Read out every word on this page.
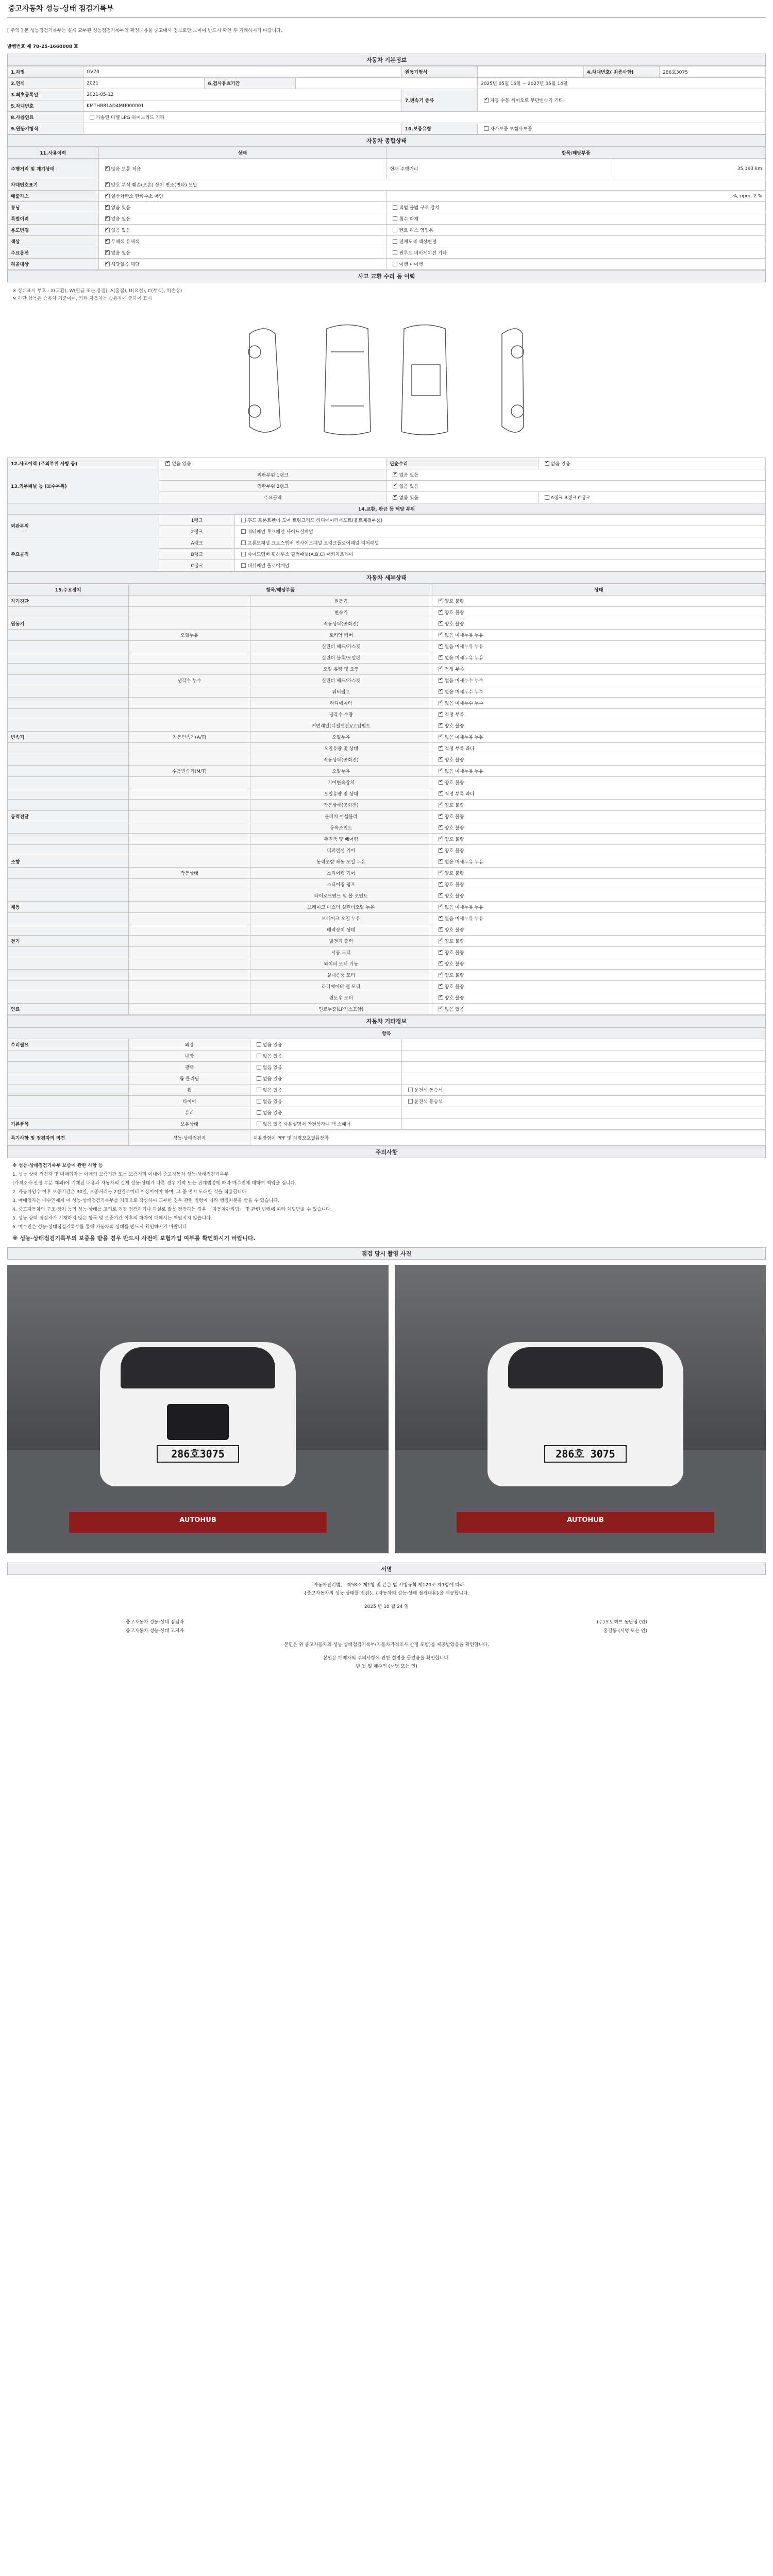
중고자동차 성능·상태 점검기록부
[ 주의 ] 본 성능점검기록부는 실제 교부된 성능점검기록부의 확정내용을 중고매사 정보로만 보이며 반드시 확인 후 거래하시기 바랍니다.
발행번호 제 70-25-1660008 호
자동차 기본정보
1.차명	GV70			원동기형식		4.차대번호( 최종사항)	286호3075
2.연식	2021	6.검사유효기간			2025년 05월 15일 ~ 2027년 05월 14일		
3.최초등록일	2021-05-12			7.변속기 종류	✔자동 수동 세미오토 무단변속기 기타
5.차대번호	KMTHB81AD4MU000001						
8.사용연료	가솔린 디젤 LPG 하이브리드 기타						
9.원동기형식				10.보증유형	자가보증 보험사보증		
자동차 종합상태
11.사용이력	상태	항목/해당부품	
주행거리 및 계기상태	✔많음 보통 적음	현재 주행거리	35,193 km
차대번호표기	✔양호 부식 훼손(오손) 상이 변조(변타) 도말
배출가스	✔일산화탄소 탄화수소 매연	%, ppm, 2 %	
튜닝	✔없음 있음	적법 불법 구조 장치	
특별이력	✔없음 있음	침수 화재	
용도변경	✔없음 있음	렌트 리스 영업용	
색상	✔무채색 유채색	전체도색 색상변경	
주요옵션	✔없음 있음	썬루프 네비게이션 기타	
리콜대상	✔해당없음 해당	이행 미이행	
사고 교환 수리 등 이력
※ 상태표시 부호 : X(교환), W(판금 또는 용접), A(흠집), U(요철), C(부식), T(손상)
※ 하단 항목은 승용차 기준이며, 기타 자동차는 승용차에 준하여 표시
12.사고이력 (주의부위 사항 등)	✔없음 있음		단순수리	✔없음 있음
13.외부패널 등 (보수부위)	외판부위 1랭크	✔없음 있음
	외판부위 2랭크	✔없음 있음
	주요골격	✔없음 있음	A랭크 B랭크 C랭크
14.교환, 판금 등 해당 부위				
외판부위	1랭크	후드 프론트펜더 도어 트렁크리드 라디에이터서포트(볼트체결부품)		
	2랭크	쿼터패널 루프패널 사이드실패널		
주요골격	A랭크	프론트패널 크로스멤버 인사이드패널 트렁크플로어패널 리어패널		
	B랭크	사이드멤버 휠하우스 필러패널(A,B,C) 패키지트레이		
	C랭크	대쉬패널 플로어패널		
자동차 세부상태
15.주요장치	항목/해당부품		상태
자기진단		원동기	✔양호 불량
		변속기	✔양호 불량
원동기		작동상태(공회전)	✔양호 불량
	오일누유	로커암 커버	✔없음 미세누유 누유
		실린더 헤드/가스켓	✔없음 미세누유 누유
		실린더 블록/오일팬	✔없음 미세누유 누유
		오일 유량 및 오염	✔적정 부족
	냉각수 누수	실린더 헤드/가스켓	✔없음 미세누수 누수
		워터펌프	✔없음 미세누수 누수
		라디에이터	✔없음 미세누수 누수
		냉각수 수량	✔적정 부족
		커먼레일(디젤엔진)/고압펌프	✔양호 불량
변속기	자동변속기(A/T)	오일누유	✔없음 미세누유 누유
		오일유량 및 상태	✔적정 부족 과다
		작동상태(공회전)	✔양호 불량
	수동변속기(M/T)	오일누유	✔없음 미세누유 누유
		기어변속장치	✔양호 불량
		오일유량 및 상태	✔적정 부족 과다
		작동상태(공회전)	✔양호 불량
동력전달		클러치 어셈블리	✔양호 불량
		등속조인트	✔양호 불량
		추진축 및 베어링	✔양호 불량
		디퍼렌셜 기어	✔양호 불량
조향		동력조향 작동 오일 누유	✔없음 미세누유 누유
	작동상태	스티어링 기어	✔양호 불량
		스티어링 펌프	✔양호 불량
		타이로드엔드 및 볼 조인트	✔양호 불량
제동		브레이크 마스터 실린더오일 누유	✔없음 미세누유 누유
		브레이크 오일 누유	✔없음 미세누유 누유
		배력장치 상태	✔양호 불량
전기		발전기 출력	✔양호 불량
		시동 모터	✔양호 불량
		와이퍼 모터 기능	✔양호 불량
		실내송풍 모터	✔양호 불량
		라디에이터 팬 모터	✔양호 불량
		윈도우 모터	✔양호 불량
연료		연료누출(LP가스포함)	✔없음 있음
자동차 기타정보
항목			
수리필요	외장	없음 있음	
	내장	없음 있음	
	광택	없음 있음	
	룸 클리닝	없음 있음	
	휠	없음 있음	운전석 동승석
	타이어	없음 있음	운전석 동승석
	유리	없음 있음	
기본품목	보유상태	없음 있음 사용설명서 안전삼각대 잭 스패너	
특기사항 및 점검자의 의견	성능·상태점검자	이용장형이 PPF 및 차량보호필름장착
주의사항

※ 성능·상태점검기록부 보증에 관한 사항 등

1. 성능·상태 점검자 및 매매업자는 아래의 보증기간 또는 보증거리 이내에 중고자동차 성능·상태점검기록부

(가격조사·산정 부분 제외)에 기재된 내용과 자동차의 실제 성능·상태가 다른 경우 계약 또는 관계법령에 따라 매수인에 대하여 책임을 집니다.

2. 자동차인수 이후 보증기간은 30일, 보증거리는 2천킬로미터 이상이어야 하며, 그 중 먼저 도래한 것을 적용합니다.

3. 매매업자는 매수인에게 이 성능·상태점검기록부를 거짓으로 작성하여 교부한 경우 관련 법령에 따라 행정처분을 받을 수 있습니다.

4. 중고자동차의 구조·장치 등의 성능·상태를 고의로 거짓 점검하거나 과실로 잘못 점검하는 경우 「자동차관리법」 및 관련 법령에 따라 처벌받을 수 있습니다.

5. 성능·상태 점검자가 기재하지 않은 항목 및 보증기간 이후의 하자에 대해서는 책임지지 않습니다.

6. 매수인은 성능·상태점검기록부를 통해 자동차의 상태를 반드시 확인하시기 바랍니다.

※ 성능·상태점검기록부의 보증을 받을 경우 반드시 사전에 보험가입 여부를 확인하시기 바랍니다.

점검 당시 촬영 사진
286호3075
AUTOHUB
286호 3075
AUTOHUB
서명
「자동차관리법」 제58조 제1항 및 같은 법 시행규칙 제120조 제1항에 따라
{중고자동차의 성능·상태를 점검}, {자동차의 성능·상태 점검내용}을 제공합니다.
2025 년 10 월 24 일
중고자동차 성능·상태 점검자	(주)오토허브 동탄점 (인)
중고자동차 성능·상태 고지자	홍길동 (서명 또는 인)
본인은 위 중고자동차의 성능·상태점검기록부(자동차가격조사·산정 포함)를 제공받았음을 확인합니다.
본인은 매매자의 주의사항에 관한 설명을 들었음을 확인합니다.
년 월 일 매수인 (서명 또는 인)
